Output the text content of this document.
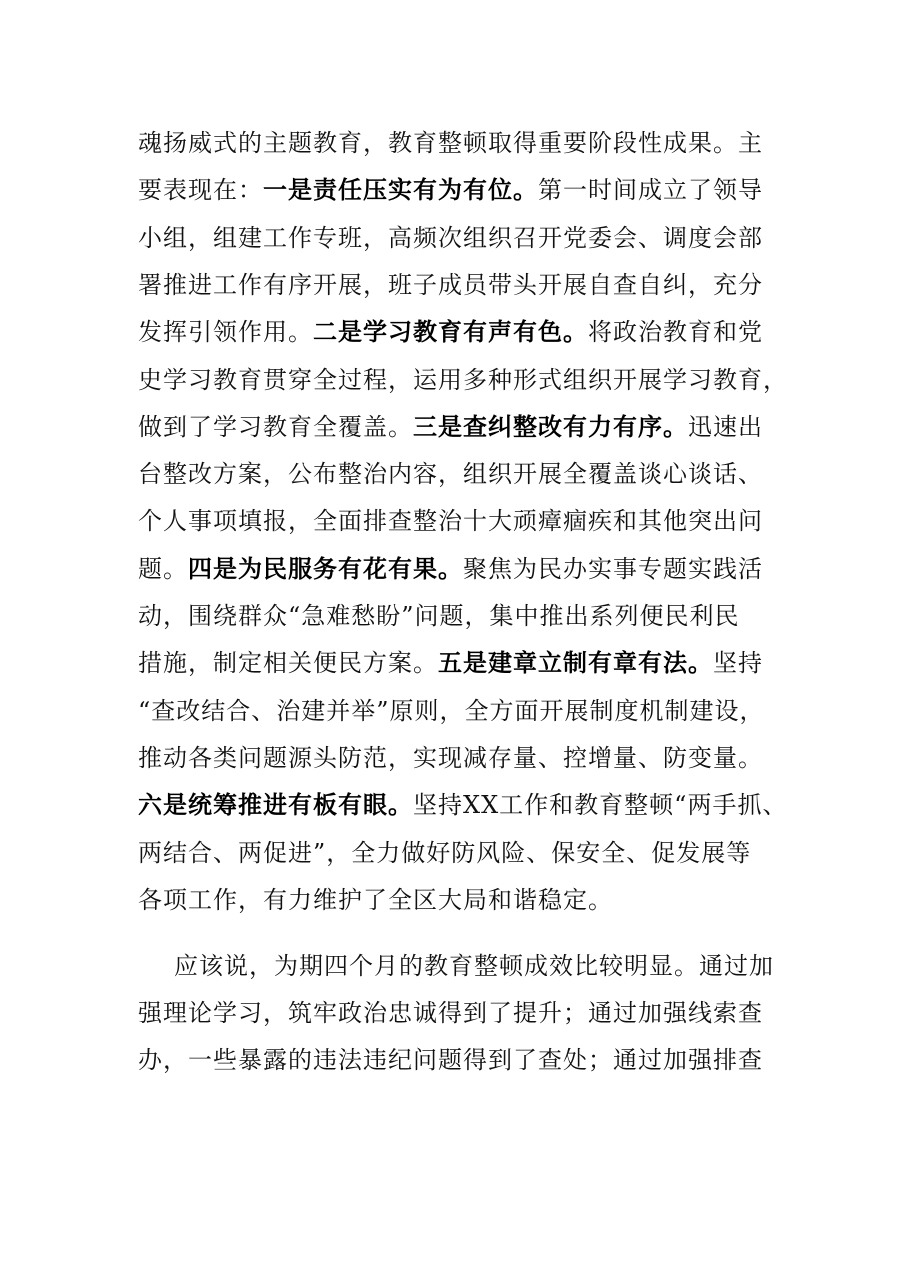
魂扬威式的主题教育，教育整顿取得重要阶段性成果。主
要表现在：一是责任压实有为有位。第一时间成立了领导
小组，组建工作专班，高频次组织召开党委会、调度会部
署推进工作有序开展，班子成员带头开展自查自纠，充分
发挥引领作用。二是学习教育有声有色。将政治教育和党
史学习教育贯穿全过程，运用多种形式组织开展学习教育，
做到了学习教育全覆盖。三是查纠整改有力有序。迅速出
台整改方案，公布整治内容，组织开展全覆盖谈心谈话、
个人事项填报，全面排查整治十大顽瘴痼疾和其他突出问
题。四是为民服务有花有果。聚焦为民办实事专题实践活
动，围绕群众“急难愁盼”问题，集中推出系列便民利民
措施，制定相关便民方案。五是建章立制有章有法。坚持
“查改结合、治建并举”原则，全方面开展制度机制建设，
推动各类问题源头防范，实现减存量、控增量、防变量。
六是统筹推进有板有眼。坚持XX工作和教育整顿“两手抓、
两结合、两促进”，全力做好防风险、保安全、促发展等
各项工作，有力维护了全区大局和谐稳定。
应该说，为期四个月的教育整顿成效比较明显。通过加
强理论学习，筑牢政治忠诚得到了提升；通过加强线索查
办，一些暴露的违法违纪问题得到了查处；通过加强排查
